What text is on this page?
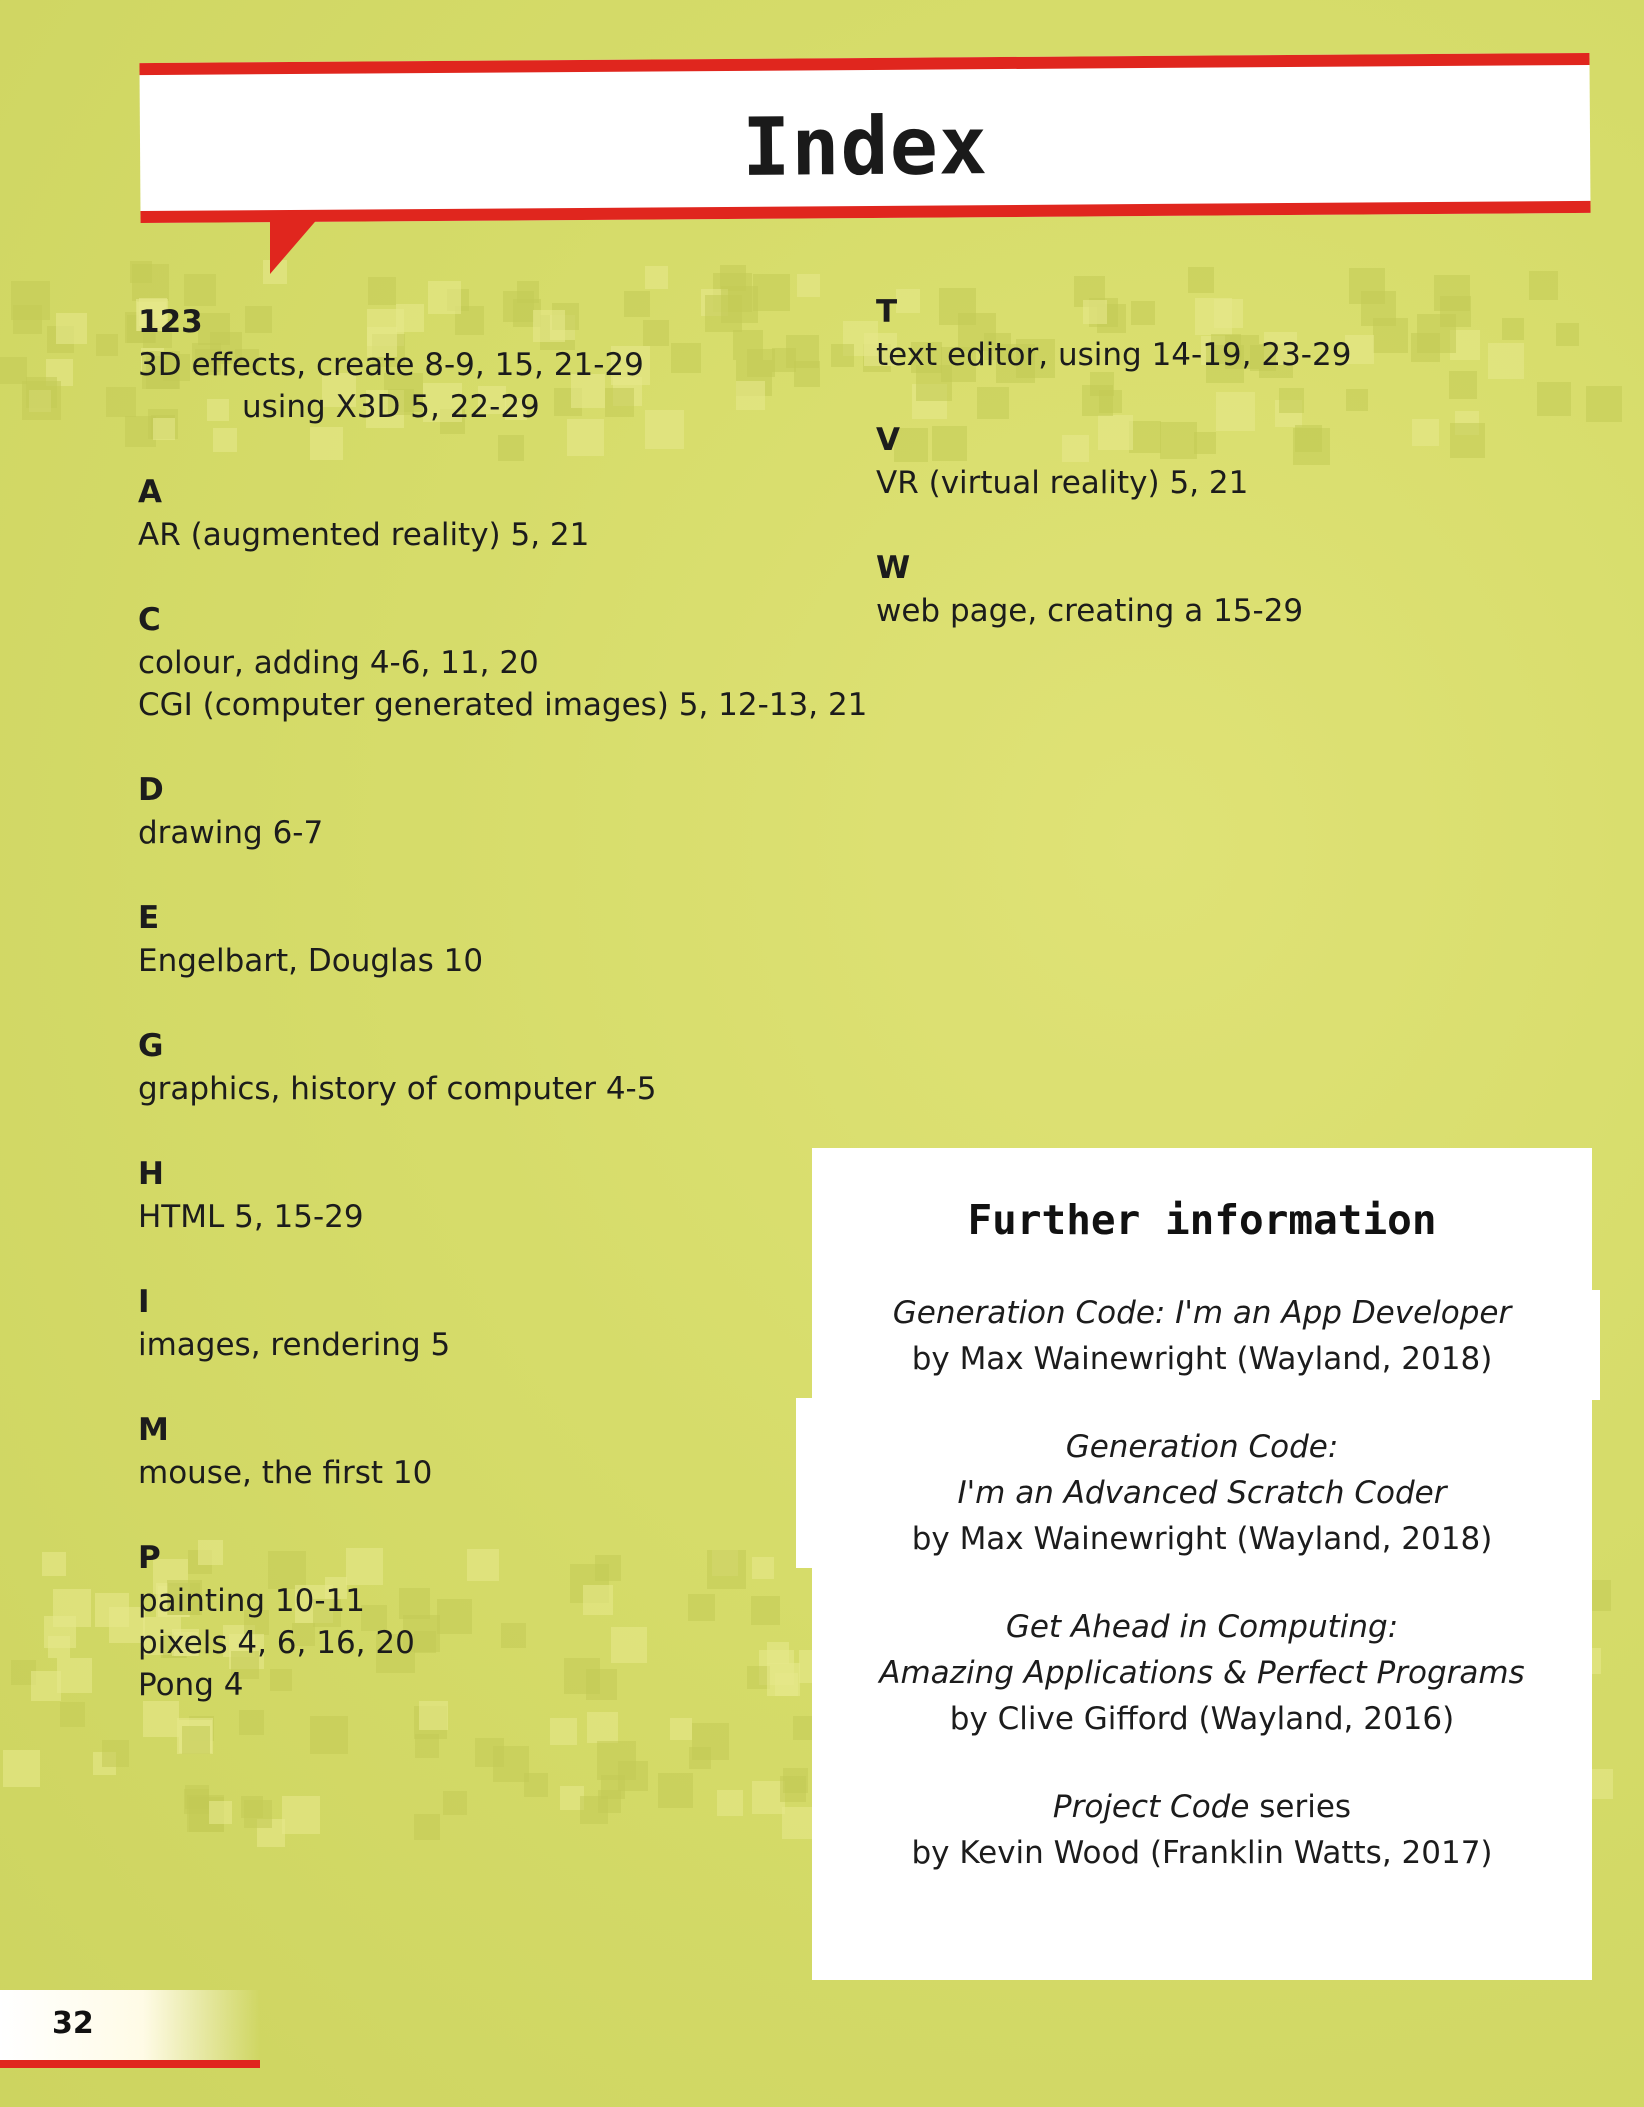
Index
123
3D effects, create 8-9, 15, 21-29
using X3D 5, 22-29
A
AR (augmented reality) 5, 21
C
colour, adding 4-6, 11, 20
CGI (computer generated images) 5, 12-13, 21
D
drawing 6-7
E
Engelbart, Douglas 10
G
graphics, history of computer 4-5
H
HTML 5, 15-29
I
images, rendering 5
M
mouse, the first 10
P
painting 10-11
pixels 4, 6, 16, 20
Pong 4
T
text editor, using 14-19, 23-29
V
VR (virtual reality) 5, 21
W
web page, creating a 15-29
Further information
Generation Code: I'm an App Developer
by Max Wainewright (Wayland, 2018)
Generation Code:
I'm an Advanced Scratch Coder
by Max Wainewright (Wayland, 2018)
Get Ahead in Computing:
Amazing Applications & Perfect Programs
by Clive Gifford (Wayland, 2016)
Project Code series
by Kevin Wood (Franklin Watts, 2017)
32
